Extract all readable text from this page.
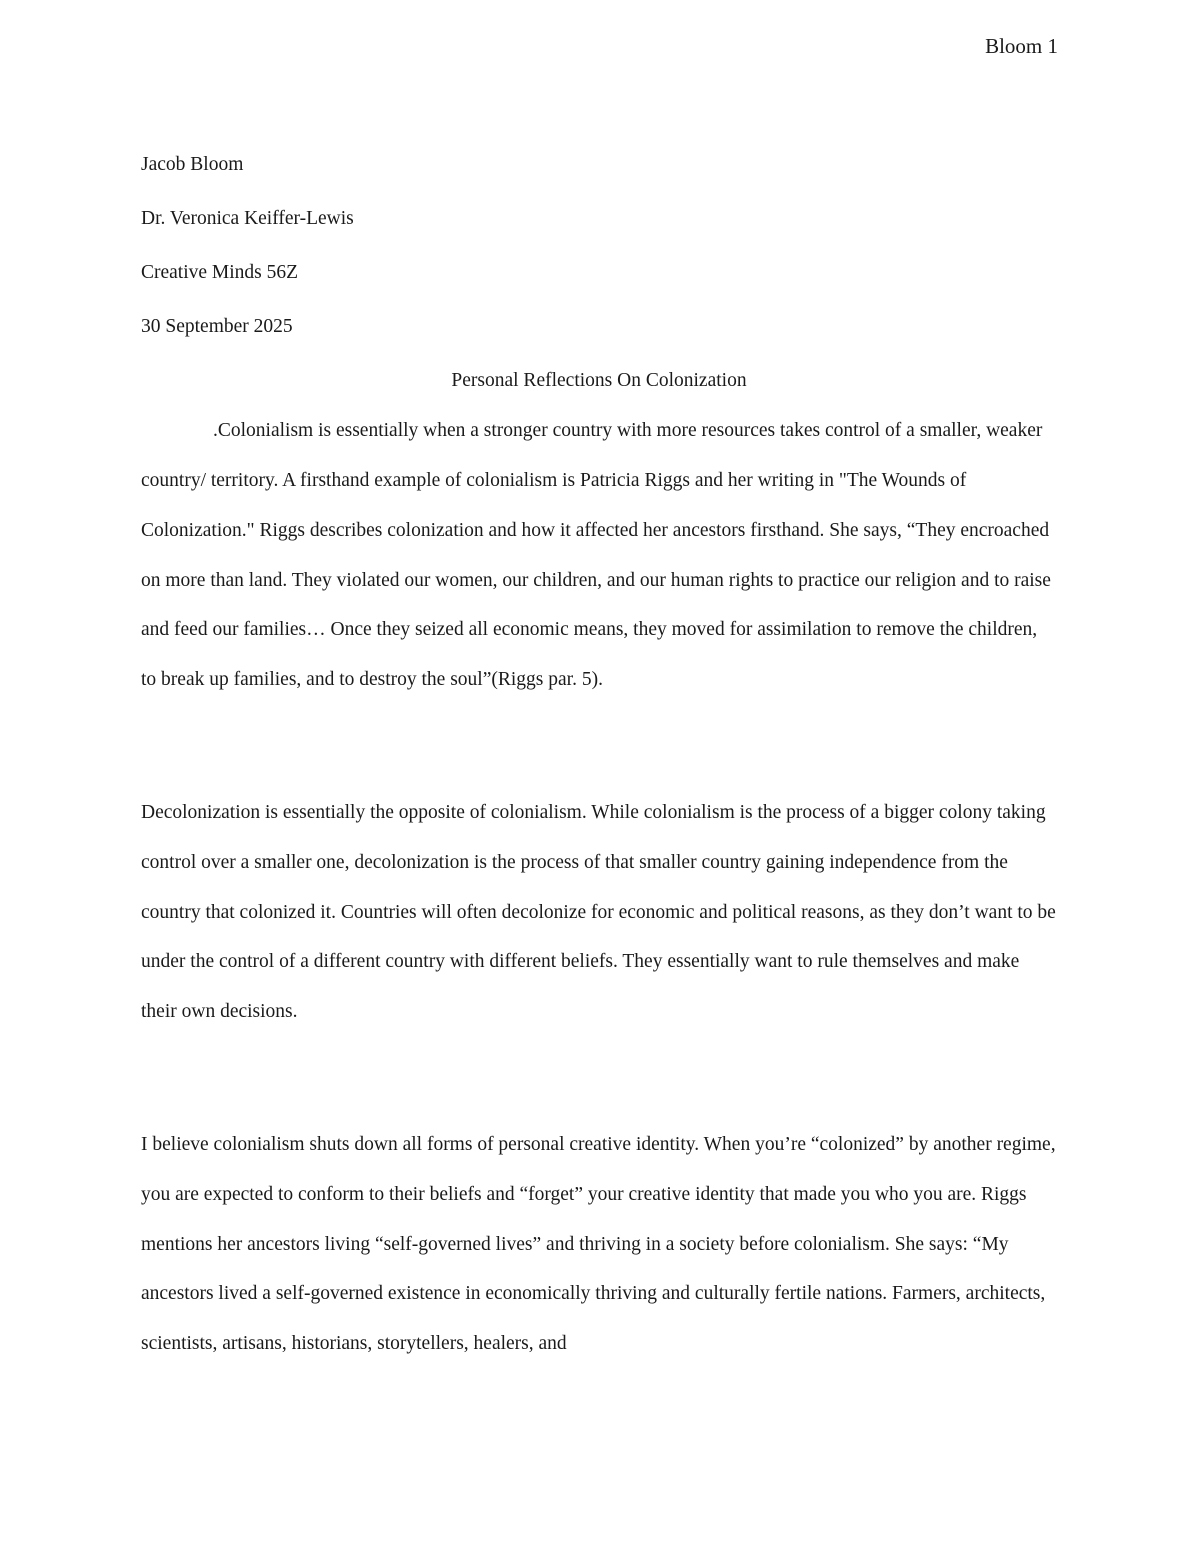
Bloom 1

Jacob Bloom

Dr. Veronica Keiffer-Lewis

Creative Minds 56Z

30 September 2025

Personal Reflections On Colonization

.Colonialism is essentially when a stronger country with more resources takes control of a smaller, weaker country/ territory. A firsthand example of colonialism is Patricia Riggs and her writing in "The Wounds of Colonization." Riggs describes colonization and how it affected her ancestors firsthand. She says, “They encroached on more than land. They violated our women, our children, and our human rights to practice our religion and to raise and feed our families… Once they seized all economic means, they moved for assimilation to remove the children, to break up families, and to destroy the soul”(Riggs par. 5).

Decolonization is essentially the opposite of colonialism. While colonialism is the process of a bigger colony taking control over a smaller one, decolonization is the process of that smaller country gaining independence from the country that colonized it. Countries will often decolonize for economic and political reasons, as they don’t want to be under the control of a different country with different beliefs. They essentially want to rule themselves and make their own decisions.

I believe colonialism shuts down all forms of personal creative identity. When you’re “colonized” by another regime, you are expected to conform to their beliefs and “forget” your creative identity that made you who you are. Riggs mentions her ancestors living “self-governed lives” and thriving in a society before colonialism. She says: “My ancestors lived a self-governed existence in economically thriving and culturally fertile nations. Farmers, architects, scientists, artisans, historians, storytellers, healers, and
